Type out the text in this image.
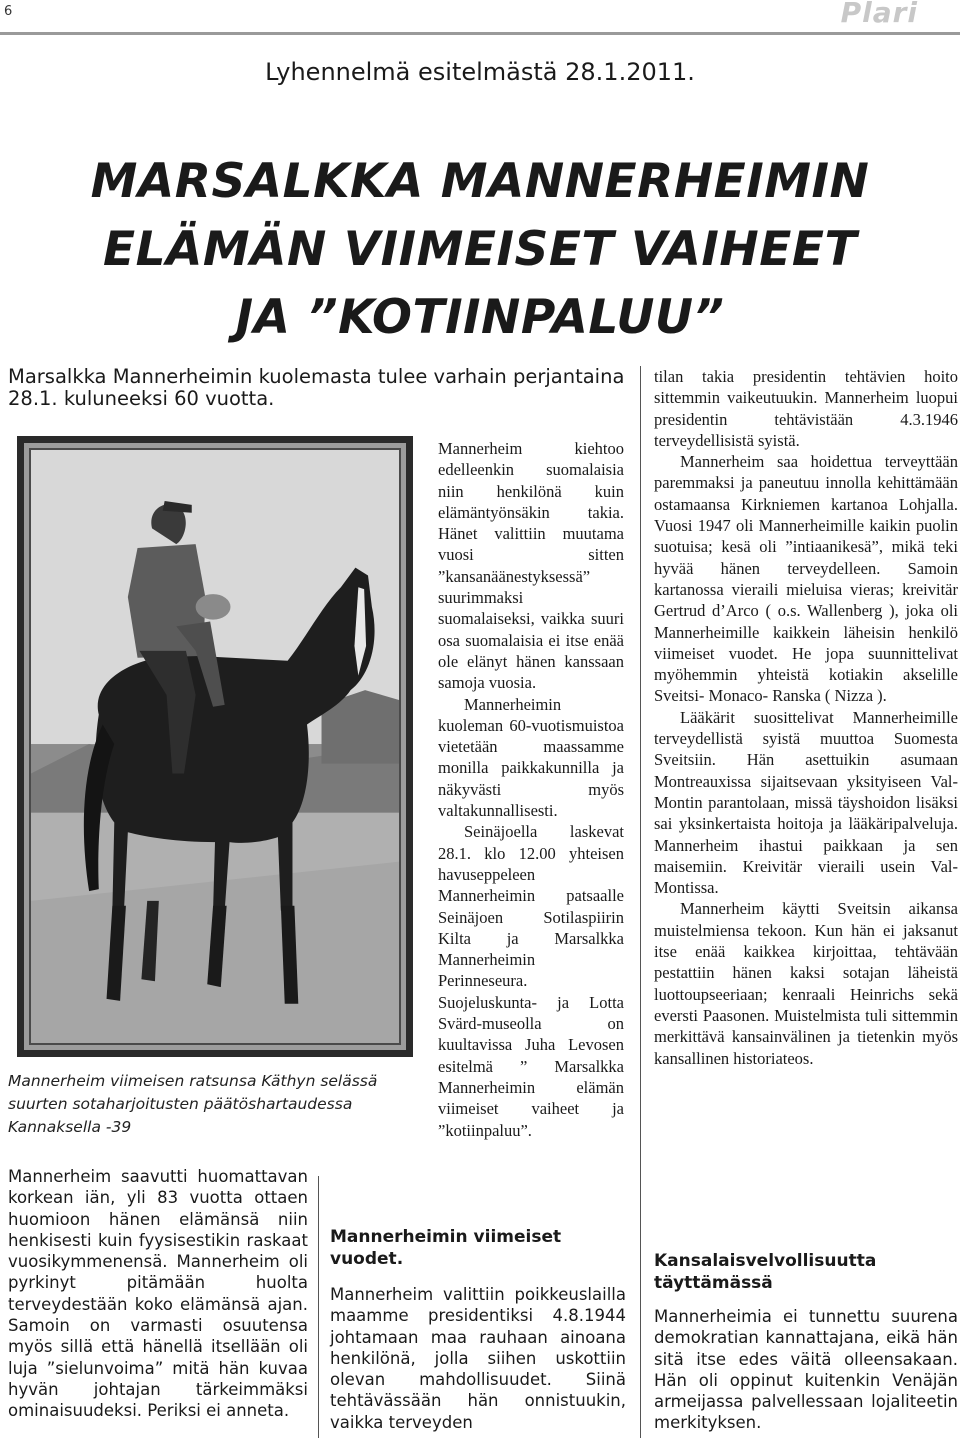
6	Plari
Lyhennelmä esitelmästä 28.1.2011.
MARSALKKA MANNERHEIMIN
ELÄMÄN VIIMEISET VAIHEET
JA ”KOTIINPALUU”
Marsalkka Mannerheimin kuolemasta tulee varhain perjantaina 28.1. kuluneeksi 60 vuotta.
Mannerheim viimeisen ratsunsa Käthyn selässä suurten sotaharjoitusten päätöshartaudessa Kannaksella -39

Mannerheim saavutti huomattavan korkean iän, yli 83 vuotta ottaen huomioon hänen elämänsä niin henkisesti kuin fyysisestikin raskaat vuosikymmenensä. Mannerheim oli pyrkinyt pitämään huolta terveydestään koko elämänsä ajan. Samoin on varmasti osuutensa myös sillä että hänellä itsellään oli luja ”sielunvoima” mitä hän kuvaa hyvän johtajan tärkeimmäksi ominaisuudeksi. Periksi ei anneta.

Mannerheim kiehtoo edelleenkin suomalaisia niin henkilönä kuin elämäntyönsäkin takia. Hänet valittiin muutama vuosi sitten ”kansanäänestyksessä” suurimmaksi suomalaiseksi, vaikka suuri osa suomalaisia ei itse enää ole elänyt hänen kanssaan samoja vuosia.

Mannerheimin kuoleman 60-vuotismuistoa vietetään maassamme monilla paikkakunnilla ja näkyvästi myös valtakunnallisesti.

Seinäjoella laskevat 28.1. klo 12.00 yhteisen havuseppeleen Mannerheimin patsaalle Seinäjoen Sotilaspiirin Kilta ja Marsalkka Mannerheimin Perinneseura. Suojeluskunta- ja Lotta Svärd-museolla on kuultavissa Juha Levosen esitelmä ” Marsalkka Mannerheimin elämän viimeiset vaiheet ja ”kotiinpaluu”.

Mannerheimin viimeiset vuodet.

Mannerheim valittiin poikkeuslailla maamme presidentiksi 4.8.1944 johtamaan maa rauhaan ainoana henkilönä, jolla siihen uskottiin olevan mahdollisuudet. Siinä tehtävässään hän onnistuukin, vaikka terveyden

tilan takia presidentin tehtävien hoito sittemmin vaikeutuukin. Mannerheim luopui presidentin tehtävistään 4.3.1946 terveydellisistä syistä.

Mannerheim saa hoidettua terveyttään paremmaksi ja paneutuu innolla kehittämään ostamaansa Kirkniemen kartanoa Lohjalla. Vuosi 1947 oli Mannerheimille kaikin puolin suotuisa; kesä oli ”intiaanikesä”, mikä teki hyvää hänen terveydelleen. Samoin kartanossa vieraili mieluisa vieras; kreivitär Gertrud d’Arco ( o.s. Wallenberg ), joka oli Mannerheimille kaikkein läheisin henkilö viimeiset vuodet. He jopa suunnittelivat myöhemmin yhteistä kotiakin akselille Sveitsi- Monaco- Ranska ( Nizza ).

Lääkärit suosittelivat Mannerheimille terveydellistä syistä muuttoa Suomesta Sveitsiin. Hän asettuikin asumaan Montreauxissa sijaitsevaan yksityiseen Val-Montin parantolaan, missä täyshoidon lisäksi sai yksinkertaista hoitoja ja lääkäripalveluja. Mannerheim ihastui paikkaan ja sen maisemiin. Kreivitär vieraili usein Val-Montissa.

Mannerheim käytti Sveitsin aikansa muistelmiensa tekoon. Kun hän ei jaksanut itse enää kaikkea kirjoittaa, tehtävään pestattiin hänen kaksi sotajan läheistä luottoupseeriaan; kenraali Heinrichs sekä eversti Paasonen. Muistelmista tuli sittemmin merkittävä kansainvälinen ja tietenkin myös kansallinen historiateos.

Kansalaisvelvollisuutta täyttämässä

Mannerheimia ei tunnettu suurena demokratian kannattajana, eikä hän sitä itse edes väitä olleensakaan. Hän oli oppinut kuitenkin Venäjän armeijassa palvellessaan lojaliteetin merkityksen.
